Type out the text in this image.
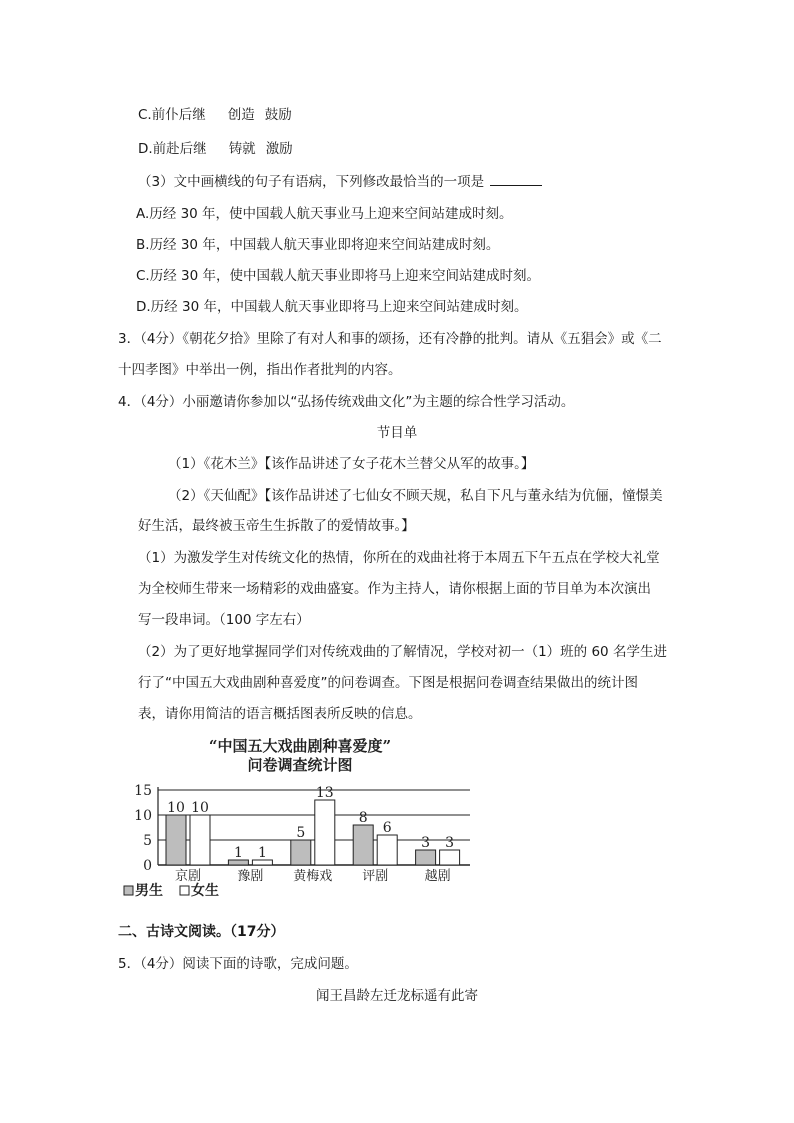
C.前仆后继 创造 鼓励
D.前赴后继 铸就 激励
（3）文中画横线的句子有语病，下列修改最恰当的一项是
A.历经 30 年，使中国载人航天事业马上迎来空间站建成时刻。
B.历经 30 年，中国载人航天事业即将迎来空间站建成时刻。
C.历经 30 年，使中国载人航天事业即将马上迎来空间站建成时刻。
D.历经 30 年，中国载人航天事业即将马上迎来空间站建成时刻。
3．（4分）《朝花夕拾》里除了有对人和事的颂扬，还有冷静的批判。请从《五猖会》或《二
十四孝图》中举出一例，指出作者批判的内容。
4．（4分）小丽邀请你参加以“弘扬传统戏曲文化”为主题的综合性学习活动。
节目单
（1）《花木兰》【该作品讲述了女子花木兰替父从军的故事。】
（2）《天仙配》【该作品讲述了七仙女不顾天规，私自下凡与董永结为伉俪，憧憬美
好生活，最终被玉帝生生拆散了的爱情故事。】
（1）为激发学生对传统文化的热情，你所在的戏曲社将于本周五下午五点在学校大礼堂
为全校师生带来一场精彩的戏曲盛宴。作为主持人，请你根据上面的节目单为本次演出
写一段串词。（100 字左右）
（2）为了更好地掌握同学们对传统戏曲的了解情况，学校对初一（1）班的 60 名学生进
行了“中国五大戏曲剧种喜爱度”的问卷调查。下图是根据问卷调查结果做出的统计图
表，请你用简洁的语言概括图表所反映的信息。
“中国五大戏曲剧种喜爱度”
问卷调查统计图
0
5
10
15
10 10
1 1
5
13
8
6
3 3
京剧	豫剧 黄梅戏 评剧	越剧
男生 女生
二、古诗文阅读。（17分）
5．（4分）阅读下面的诗歌，完成问题。
闻王昌龄左迁龙标遥有此寄
